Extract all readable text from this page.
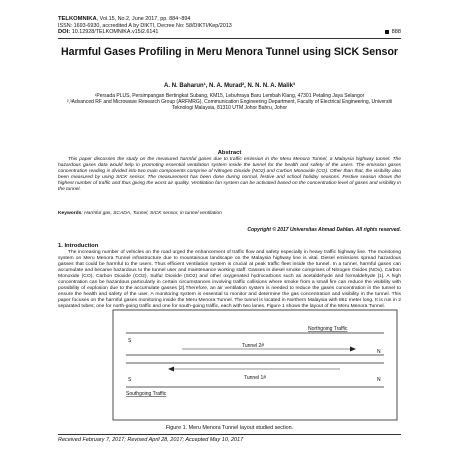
TELKOMNIKA, Vol.15, No.2, June 2017, pp. 884~894
ISSN: 1693-6930, accredited A by DIKTI, Decree No: 58/DIKTI/Kep/2013
DOI: 10.12928/TELKOMNIKA.v15i2.6141	888
Harmful Gases Profiling in Meru Menora Tunnel using SICK Sensor
A. N. Baharun¹, N. A. Murad², N. N. N. A. Malik³
¹Persada PLUS, Persimpangan Bertingkat Subang, KM15, Lebuhraya Baru Lembah Klang, 47301 Petaling Jaya Selangor
²,³Advanced RF and Microwave Research Group (ARFMRG), Communication Engineering Department, Faculty of Electrical Engineering, Universiti Teknologi Malaysia, 81310 UTM Johor Bahru, Johor
Abstract
This paper discusses the study on the measured harmful gases due to traffic emission in the Meru Menora Tunnel, a Malaysia highway tunnel. The hazardous gases data would help in promoting essential ventilation system inside the tunnel for the health and safety of the users. The emission gases concentration reading is divided into two main components comprise of Nitrogen Dioxide (NO2) and Carbon Monoxide (CO). Other than that, the visibility also been measured by using SICK sensor. The measurement has been done during normal, festive and school holiday seasons. Festive season shows the highest number of traffic and thus giving the worst air quality. Ventilation fan system can be activated based on the concentration level of gases and visibility in the tunnel.
Keywords: Harmful gas, SCADA, Tunnel, SICK sensor, in tunnel ventilation
Copyright © 2017 Universitas Ahmad Dahlan. All rights reserved.
1. Introduction
The increasing number of vehicles on the road urged the enhancement of traffic flow and safety especially in heavy traffic highway line. The monitoring system on Meru Menora Tunnel infrastructure due to mountainous landscape on the Malaysia highway line is vital. Diesel emissions spread hazardous gasses that could be harmful to the users. Thus efficient ventilation system is crucial at peak traffic fleet inside the tunnel. In a tunnel, harmful gases can accumulate and became hazardous to the tunnel user and maintenance working staff. Gasses in diesel smoke comprises of Nitrogen Oxides (NOx), Carbon Monoxide (CO), Carbon Dioxide (CO2), Sulfur Dioxide (SO2) and other oxygenated hydrocarbons such as acetaldehyde and formaldehyde [1]. A high concentration can be hazardous particularly in certain circumstances involving traffic collisions where smoke from a small fire can reduce the visibility with possibility of explosion due to the accumulate gasses [2].Therefore, an air ventilation system is needed to reduce the gases concentration in the tunnel to ensure the health and safety of the user. A monitoring system is essential to monitor and determine the gas concentration and visibility in the tunnel. This paper focuses on the harmful gases monitoring inside the Meru Menora Tunnel. The tunnel is located in Northern Malaysia with 861 meter long. It is run in 2 separated tubes; one for north-going traffic and one for south-going traffic, each with two lanes. Figure 1 shows the layout of the Meru Menora Tunnel.
S
N
Northgoing Traffic
Tunnel 2#
S	N
Southgoing Traffic
Tunnel 1#
Figure 1. Meru Menora Tunnel layout studied section.
Received February 7, 2017; Revised April 28, 2017; Accepted May 10, 2017
